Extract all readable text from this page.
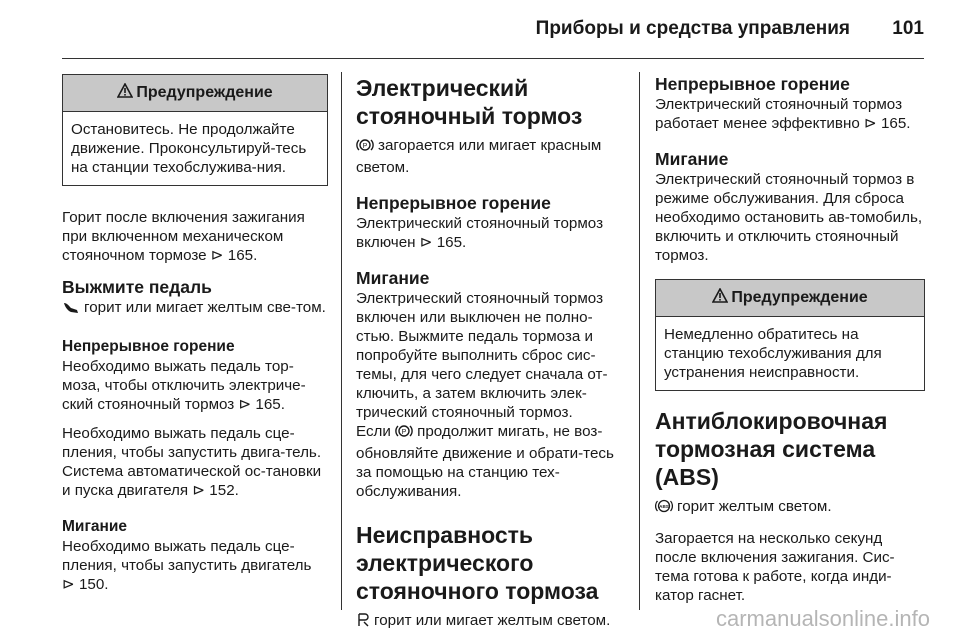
Приборы и средства управления	101
Предупреждение

Остановитесь. Не продолжайте движение. Проконсультируй-тесь на станции техобслужива-ния.

Горит после включения зажигания при включенном механическом стояночном тормозе ⊳ 165.

Выжмите педаль

горит или мигает желтым све-том.

Непрерывное горение

Необходимо выжать педаль тор-моза, чтобы отключить электриче-ский стояночный тормоз ⊳ 165.

Необходимо выжать педаль сце-пления, чтобы запустить двига-тель. Система автоматической ос-тановки и пуска двигателя ⊳ 152.

Мигание

Необходимо выжать педаль сце-пления, чтобы запустить двигатель ⊳ 150.

Электрический стояночный тормоз

P загорается или мигает красным светом.

Непрерывное горение

Электрический стояночный тормоз включен ⊳ 165.

Мигание

Электрический стояночный тормоз включен или выключен не полно-стью. Выжмите педаль тормоза и попробуйте выполнить сброс сис-темы, для чего следует сначала от-ключить, а затем включить элек-трический стояночный тормоз.

Если P продолжит мигать, не воз-обновляйте движение и обрати-тесь за помощью на станцию тех-обслуживания.

Неисправность электрического стояночного тормоза

горит или мигает желтым светом.

Непрерывное горение

Электрический стояночный тормоз работает менее эффективно ⊳ 165.

Мигание

Электрический стояночный тормоз в режиме обслуживания. Для сброса необходимо остановить ав-томобиль, включить и отключить стояночный тормоз.

Предупреждение

Немедленно обратитесь на станцию техобслуживания для устранения неисправности.

Антиблокировочная тормозная система (ABS)

ABS горит желтым светом.

Загорается на несколько секунд после включения зажигания. Сис-тема готова к работе, когда инди-катор гаснет.

carmanualsonline.info
